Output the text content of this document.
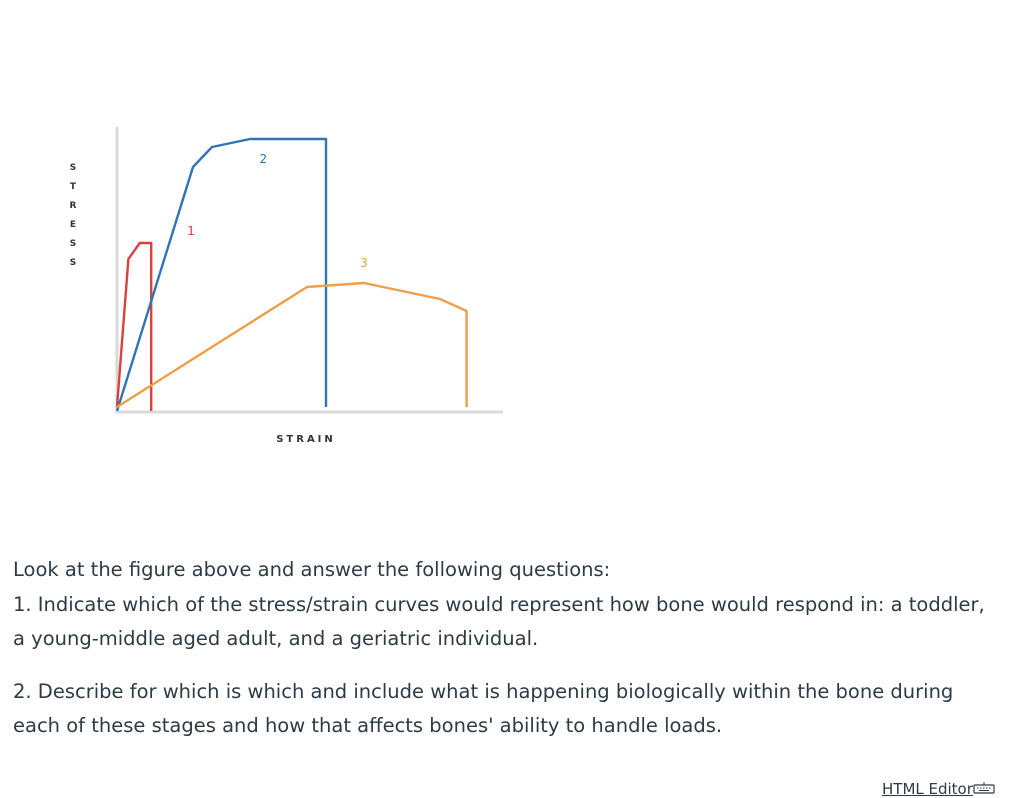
S
T
R
E
S
S
STRAIN
1
2
3

Look at the figure above and answer the following questions:

1. Indicate which of the stress/strain curves would represent how bone would respond in: a toddler,

a young-middle aged adult, and a geriatric individual.

2. Describe for which is which and include what is happening biologically within the bone during

each of these stages and how that affects bones' ability to handle loads.

HTML Editor
